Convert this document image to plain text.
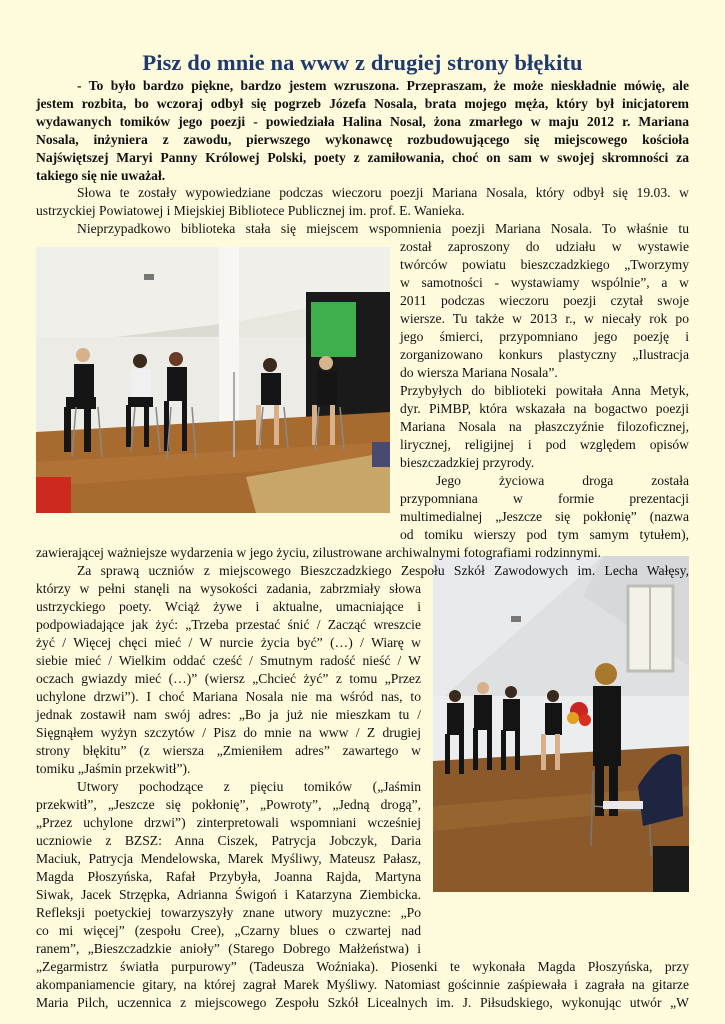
Pisz do mnie na www z drugiej strony błękitu

- To było bardzo piękne, bardzo jestem wzruszona. Przepraszam, że może nieskładnie mówię, ale

jestem rozbita, bo wczoraj odbył się pogrzeb Józefa Nosala, brata mojego męża, który był inicjatorem

wydawanych tomików jego poezji - powiedziała Halina Nosal, żona zmarłego w maju 2012 r. Mariana

Nosala, inżyniera z zawodu, pierwszego wykonawcę rozbudowującego się miejscowego kościoła

Najświętszej Maryi Panny Królowej Polski, poety z zamiłowania, choć on sam w swojej skromności za

takiego się nie uważał.

Słowa te zostały wypowiedziane podczas wieczoru poezji Mariana Nosala, który odbył się 19.03. w

ustrzyckiej Powiatowej i Miejskiej Bibliotece Publicznej im. prof. E. Wanieka.

Nieprzypadkowo biblioteka stała się miejscem wspomnienia poezji Mariana Nosala. To właśnie tu

został zaproszony do udziału w wystawie

twórców powiatu bieszczadzkiego „Tworzymy

w samotności - wystawiamy wspólnie”, a w

2011 podczas wieczoru poezji czytał swoje

wiersze. Tu także w 2013 r., w niecały rok po

jego śmierci, przypomniano jego poezję i

zorganizowano konkurs plastyczny „Ilustracja

do wiersza Mariana Nosala”.

Przybyłych do biblioteki powitała Anna Metyk,

dyr. PiMBP, która wskazała na bogactwo poezji

Mariana Nosala na płaszczyźnie filozoficznej,

lirycznej, religijnej i pod względem opisów

bieszczadzkiej przyrody.

Jego życiowa droga została

przypomniana w formie prezentacji

multimedialnej „Jeszcze się pokłonię” (nazwa

od tomiku wierszy pod tym samym tytułem),

zawierającej ważniejsze wydarzenia w jego życiu, zilustrowane archiwalnymi fotografiami rodzinnymi.

Za sprawą uczniów z miejscowego Bieszczadzkiego Zespołu Szkół Zawodowych im. Lecha Wałęsy,

którzy w pełni stanęli na wysokości zadania, zabrzmiały słowa

ustrzyckiego poety. Wciąż żywe i aktualne, umacniające i

podpowiadające jak żyć: „Trzeba przestać śnić / Zacząć wreszcie

żyć / Więcej chęci mieć / W nurcie życia być” (…) / Wiarę w

siebie mieć / Wielkim oddać cześć / Smutnym radość nieść / W

oczach gwiazdy mieć (…)” (wiersz „Chcieć żyć” z tomu „Przez

uchylone drzwi”). I choć Mariana Nosala nie ma wśród nas, to

jednak zostawił nam swój adres: „Bo ja już nie mieszkam tu /

Sięgnąłem wyżyn szczytów / Pisz do mnie na www / Z drugiej

strony błękitu” (z wiersza „Zmieniłem adres” zawartego w

tomiku „Jaśmin przekwitł”).

Utwory pochodzące z pięciu tomików („Jaśmin

przekwitł”, „Jeszcze się pokłonię”, „Powroty”, „Jedną drogą”,

„Przez uchylone drzwi”) zinterpretowali wspomniani wcześniej

uczniowie z BZSZ: Anna Ciszek, Patrycja Jobczyk, Daria

Maciuk, Patrycja Mendelowska, Marek Myśliwy, Mateusz Pałasz,

Magda Płoszyńska, Rafał Przybyła, Joanna Rajda, Martyna

Siwak, Jacek Strzępka, Adrianna Świgoń i Katarzyna Ziembicka.

Refleksji poetyckiej towarzyszyły znane utwory muzyczne: „Po

co mi więcej” (zespołu Cree), „Czarny blues o czwartej nad

ranem”, „Bieszczadzkie anioły” (Starego Dobrego Małżeństwa) i

„Zegarmistrz światła purpurowy” (Tadeusza Woźniaka). Piosenki te wykonała Magda Płoszyńska, przy

akompaniamencie gitary, na której zagrał Marek Myśliwy. Natomiast gościnnie zaśpiewała i zagrała na gitarze

Maria Pilch, uczennica z miejscowego Zespołu Szkół Licealnych im. J. Piłsudskiego, wykonując utwór „W
